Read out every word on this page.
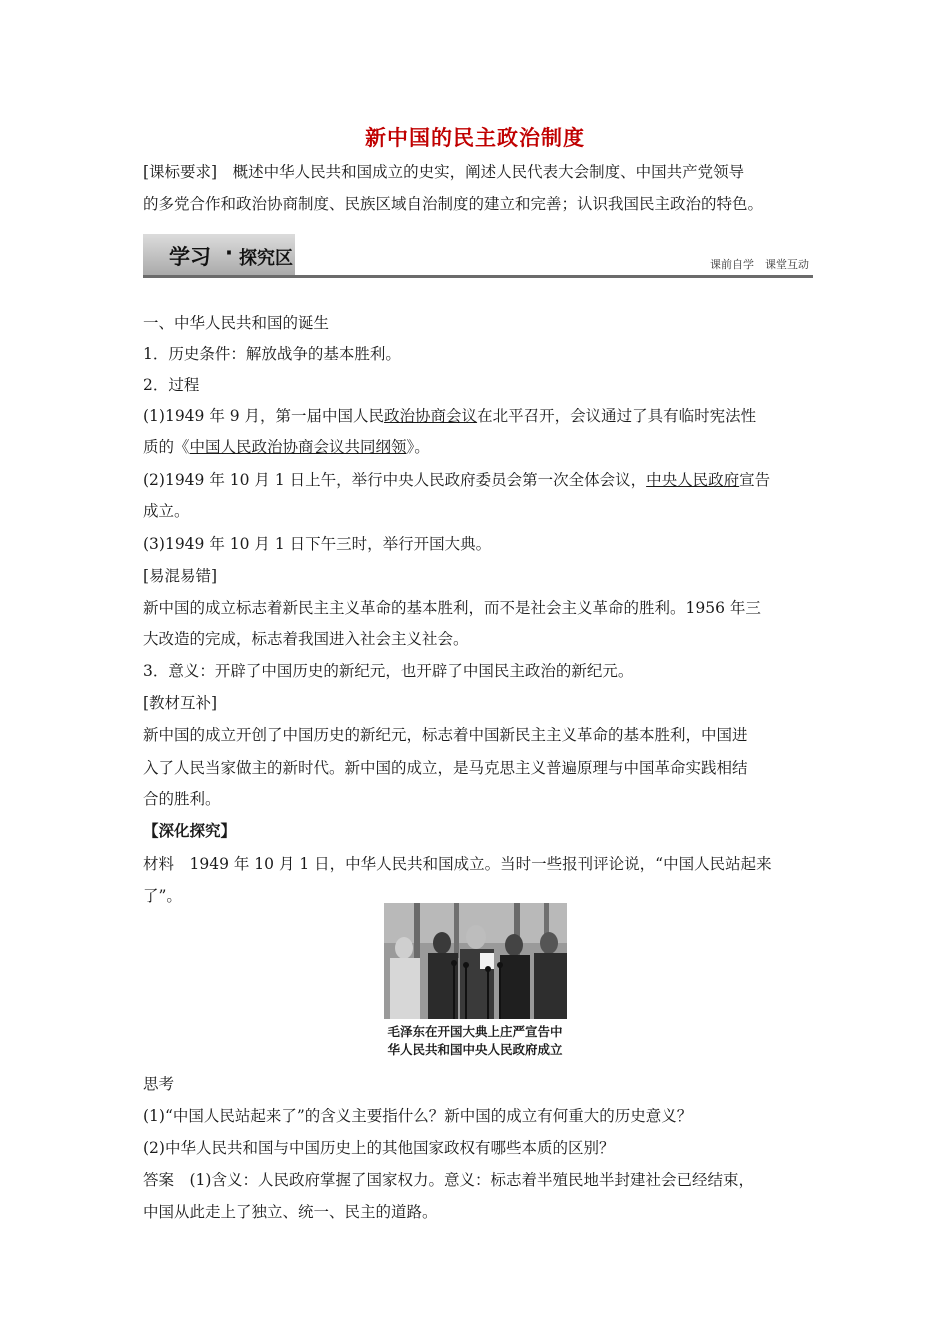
新中国的民主政治制度
[课标要求]　概述中华人民共和国成立的史实，阐述人民代表大会制度、中国共产党领导
的多党合作和政治协商制度、民族区域自治制度的建立和完善；认识我国民主政治的特色。
学习 · 探究区	课前自学　课堂互动
一、中华人民共和国的诞生
1．历史条件：解放战争的基本胜利。
2．过程
(1)1949 年 9 月，第一届中国人民政治协商会议在北平召开，会议通过了具有临时宪法性
质的《中国人民政治协商会议共同纲领》。
(2)1949 年 10 月 1 日上午，举行中央人民政府委员会第一次全体会议，中央人民政府宣告
成立。
(3)1949 年 10 月 1 日下午三时，举行开国大典。
[易混易错]
新中国的成立标志着新民主主义革命的基本胜利，而不是社会主义革命的胜利。1956 年三
大改造的完成，标志着我国进入社会主义社会。
3．意义：开辟了中国历史的新纪元，也开辟了中国民主政治的新纪元。
[教材互补]
新中国的成立开创了中国历史的新纪元，标志着中国新民主主义革命的基本胜利，中国进
入了人民当家做主的新时代。新中国的成立，是马克思主义普遍原理与中国革命实践相结
合的胜利。
【深化探究】
材料　1949 年 10 月 1 日，中华人民共和国成立。当时一些报刊评论说，“中国人民站起来
了”。
毛泽东在开国大典上庄严宣告中
华人民共和国中央人民政府成立
思考
(1)“中国人民站起来了”的含义主要指什么？新中国的成立有何重大的历史意义？
(2)中华人民共和国与中国历史上的其他国家政权有哪些本质的区别？
答案　(1)含义：人民政府掌握了国家权力。意义：标志着半殖民地半封建社会已经结束，
中国从此走上了独立、统一、民主的道路。
